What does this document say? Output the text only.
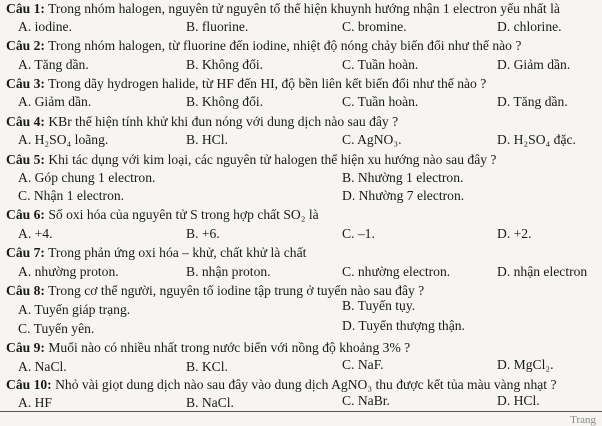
Câu 1: Trong nhóm halogen, nguyên tử nguyên tố thể hiện khuynh hướng nhận 1 electron yếu nhất là
A. iodine.	B. fluorine.	C. bromine.	D. chlorine.
Câu 2: Trong nhóm halogen, từ fluorine đến iodine, nhiệt độ nóng chảy biến đổi như thế nào ?
A. Tăng dần.	B. Không đổi.	C. Tuần hoàn.	D. Giảm dần.
Câu 3: Trong dãy hydrogen halide, từ HF đến HI, độ bền liên kết biến đổi như thế nào ?
A. Giảm dần.	B. Không đổi.	C. Tuần hoàn.	D. Tăng dần.
Câu 4: KBr thể hiện tính khử khi đun nóng với dung dịch nào sau đây ?
A. H₂SO₄ loãng.	B. HCl.	C. AgNO₃.	D. H₂SO₄ đặc.
Câu 5: Khi tác dụng với kim loại, các nguyên tử halogen thể hiện xu hướng nào sau đây ?
A. Góp chung 1 electron.	B. Nhường 1 electron.
C. Nhận 1 electron.	D. Nhường 7 electron.
Câu 6: Số oxi hóa của nguyên tử S trong hợp chất SO₂ là
A. +4.	B. +6.	C. –1.	D. +2.
Câu 7: Trong phản ứng oxi hóa – khử, chất khử là chất
A. nhường proton.	B. nhận proton.	C. nhường electron.	D. nhận electron
Câu 8: Trong cơ thể người, nguyên tố iodine tập trung ở tuyến nào sau đây ?
A. Tuyến giáp trạng.	B. Tuyến tụy.
C. Tuyến yên.	D. Tuyến thượng thận.
Câu 9: Muối nào có nhiều nhất trong nước biển với nồng độ khoảng 3% ?
A. NaCl.	B. KCl.	C. NaF.	D. MgCl₂.
Câu 10: Nhỏ vài giọt dung dịch nào sau đây vào dung dịch AgNO₃ thu được kết tủa màu vàng nhạt ?
A. HF	B. NaCl.	C. NaBr.	D. HCl.
Trang
